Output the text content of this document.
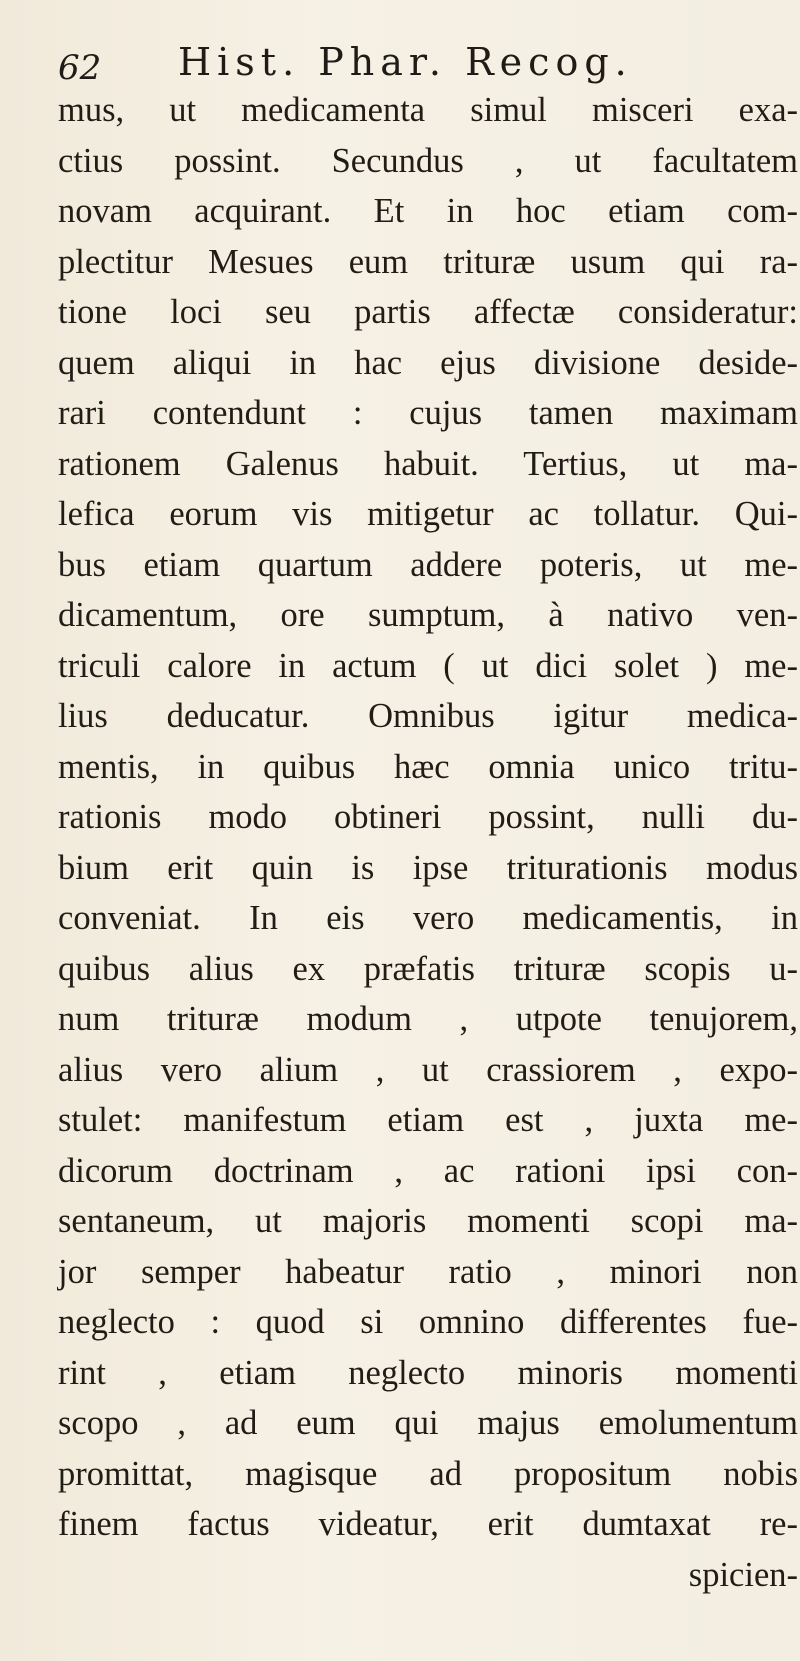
62 Hist. Phar. Recog.
mus, ut medicamenta simul misceri exa-
ctius possint. Secundus , ut facultatem
novam acquirant. Et in hoc etiam com-
plectitur Mesues eum trituræ usum qui ra-
tione loci seu partis affectæ consideratur:
quem aliqui in hac ejus divisione deside-
rari contendunt : cujus tamen maximam
rationem Galenus habuit. Tertius, ut ma-
lefica eorum vis mitigetur ac tollatur. Qui-
bus etiam quartum addere poteris, ut me-
dicamentum, ore sumptum, à nativo ven-
triculi calore in actum ( ut dici solet ) me-
lius deducatur. Omnibus igitur medica-
mentis, in quibus hæc omnia unico tritu-
rationis modo obtineri possint, nulli du-
bium erit quin is ipse triturationis modus
conveniat. In eis vero medicamentis, in
quibus alius ex præfatis trituræ scopis u-
num trituræ modum , utpote tenujorem,
alius vero alium , ut crassiorem , expo-
stulet: manifestum etiam est , juxta me-
dicorum doctrinam , ac rationi ipsi con-
sentaneum, ut majoris momenti scopi ma-
jor semper habeatur ratio , minori non
neglecto : quod si omnino differentes fue-
rint , etiam neglecto minoris momenti
scopo , ad eum qui majus emolumentum
promittat, magisque ad propositum nobis
finem factus videatur, erit dumtaxat re-
spicien-
